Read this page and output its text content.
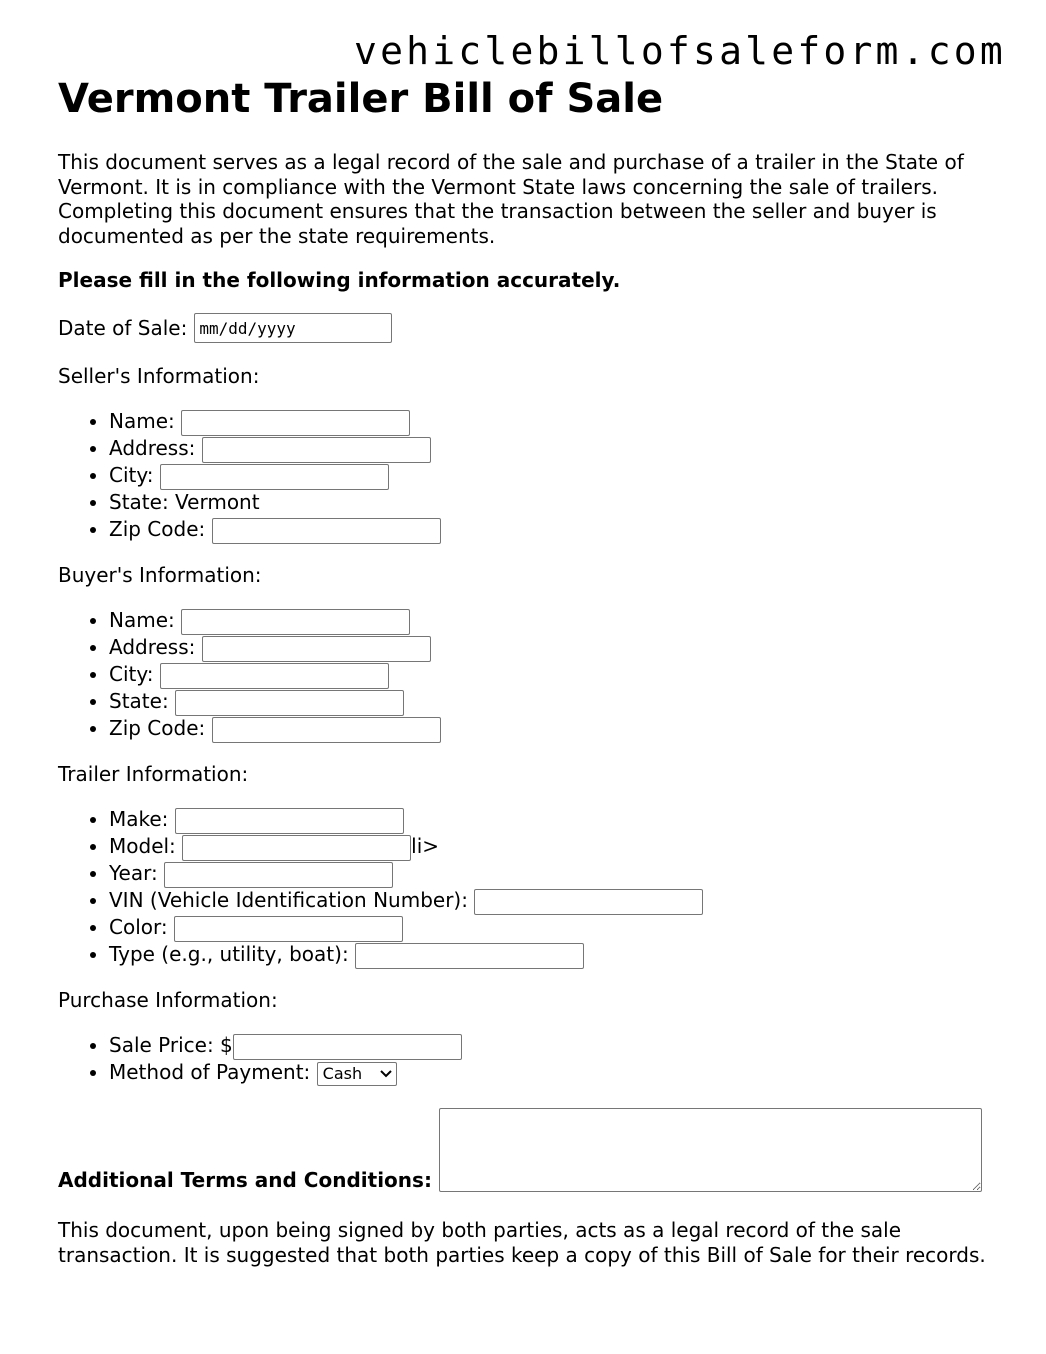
vehiclebillofsaleform.com
Vermont Trailer Bill of Sale

This document serves as a legal record of the sale and purchase of a trailer in the State of Vermont. It is in compliance with the Vermont State laws concerning the sale of trailers. Completing this document ensures that the transaction between the seller and buyer is documented as per the state requirements.

Please fill in the following information accurately.

Date of Sale: mm/dd/yyyy
Seller's Information:
• Name:
• Address:
• City:
• State: Vermont
• Zip Code:
Buyer's Information:
• Name:
• Address:
• City:
• State:
• Zip Code:
Trailer Information:
• Make:
• Model:	li>
• Year:
• VIN (Vehicle Identification Number):
• Color:
• Type (e.g., utility, boat):
Purchase Information:
• Sale Price: $
• Method of Payment: Cash
Additional Terms and Conditions:

This document, upon being signed by both parties, acts as a legal record of the sale transaction. It is suggested that both parties keep a copy of this Bill of Sale for their records.
